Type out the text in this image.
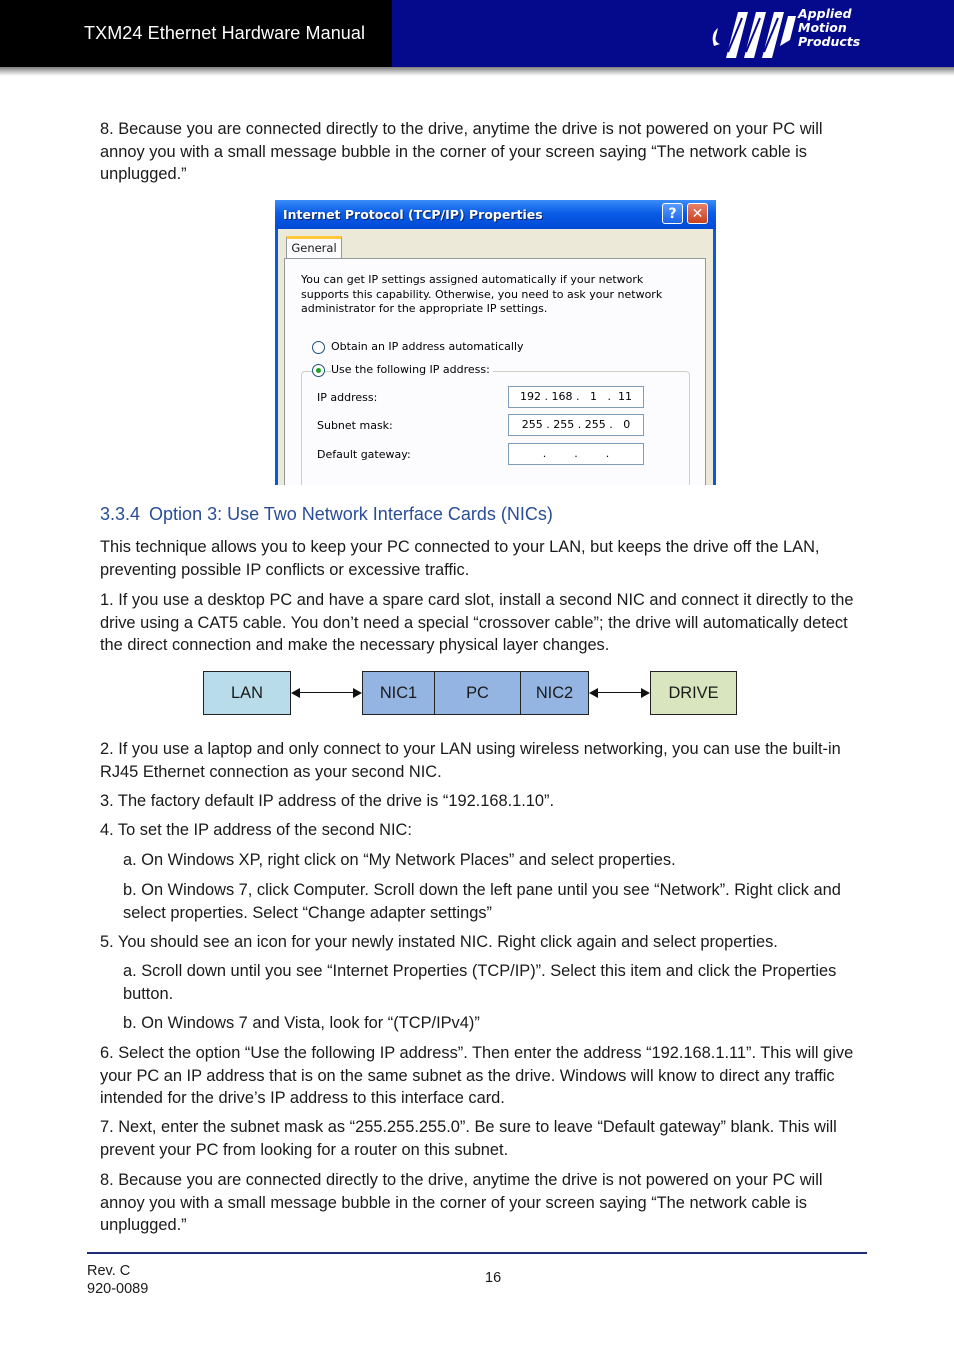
TXM24 Ethernet Hardware Manual
Applied
Motion
Products

8. Because you are connected directly to the drive, anytime the drive is not powered on your PC will annoy you with a small message bubble in the corner of your screen saying “The network cable is unplugged.”

Internet Protocol (TCP/IP) Properties	?	✕
You can get IP settings assigned automatically if your network supports this capability. Otherwise, you need to ask your network administrator for the appropriate IP settings.
Obtain an IP address automatically
Use the following IP address:
IP address:	192 . 168 .   1   .  11
Subnet mask:	255 . 255 . 255 .   0
Default gateway:	.        .        .
General
3.3.4 Option 3: Use Two Network Interface Cards (NICs)

This technique allows you to keep your PC connected to your LAN, but keeps the drive off the LAN, preventing possible IP conflicts or excessive traffic.

1. If you use a desktop PC and have a spare card slot, install a second NIC and connect it directly to the drive using a CAT5 cable. You don’t need a special “crossover cable”; the drive will automatically detect the direct connection and make the necessary physical layer changes.

LAN	NIC1	PC	NIC2	DRIVE

2. If you use a laptop and only connect to your LAN using wireless networking, you can use the built-in RJ45 Ethernet connection as your second NIC.

3. The factory default IP address of the drive is “192.168.1.10”.

4. To set the IP address of the second NIC:

a. On Windows XP, right click on “My Network Places” and select properties.

b. On Windows 7, click Computer. Scroll down the left pane until you see “Network”. Right click and select properties. Select “Change adapter settings”

5. You should see an icon for your newly instated NIC. Right click again and select properties.

a. Scroll down until you see “Internet Properties (TCP/IP)”. Select this item and click the Properties button.

b. On Windows 7 and Vista, look for “(TCP/IPv4)”

6. Select the option “Use the following IP address”. Then enter the address “192.168.1.11”. This will give your PC an IP address that is on the same subnet as the drive. Windows will know to direct any traffic intended for the drive’s IP address to this interface card.

7. Next, enter the subnet mask as “255.255.255.0”. Be sure to leave “Default gateway” blank. This will prevent your PC from looking for a router on this subnet.

8. Because you are connected directly to the drive, anytime the drive is not powered on your PC will annoy you with a small message bubble in the corner of your screen saying “The network cable is unplugged.”

Rev. C
920-0089
16
